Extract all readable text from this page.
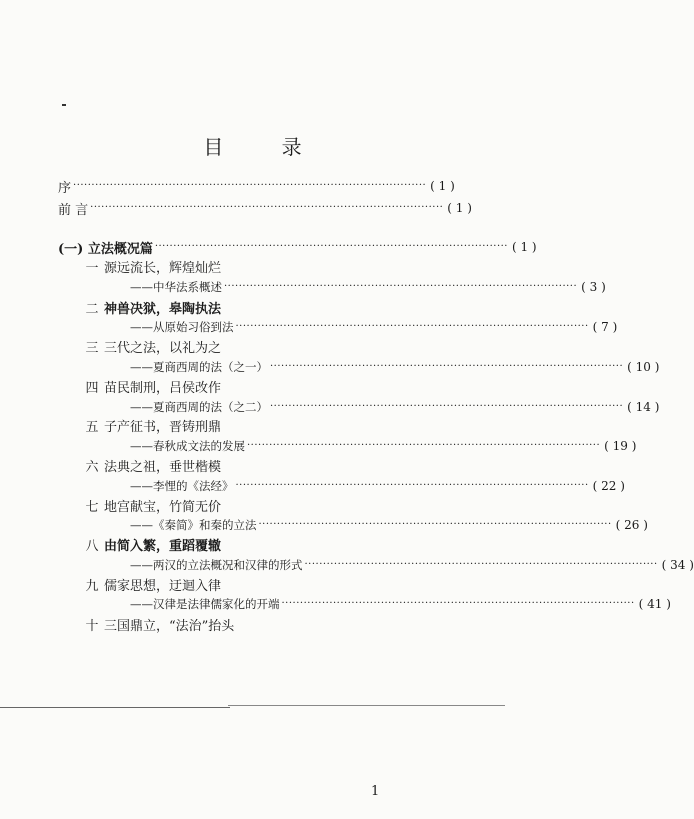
目 录
序 ································································································ ( 1 )
前 言 ································································································ ( 1 )
(一) 立法概况篇 ································································································ ( 1 )
一 源远流长，辉煌灿烂
——中华法系概述 ································································································ ( 3 )
二 神兽决狱，皋陶执法
——从原始习俗到法 ································································································ ( 7 )
三 三代之法，以礼为之
——夏商西周的法（之一） ································································································ ( 10 )
四 苗民制刑，吕侯改作
——夏商西周的法（之二） ································································································ ( 14 )
五 子产征书，晋铸刑鼎
——春秋成文法的发展 ································································································ ( 19 )
六 法典之祖，垂世楷模
——李悝的《法经》 ································································································ ( 22 )
七 地宫献宝，竹简无价
——《秦简》和秦的立法 ································································································ ( 26 )
八 由简入繁，重蹈覆辙
——两汉的立法概况和汉律的形式 ································································································ ( 34 )
九 儒家思想，迂迴入律
——汉律是法律儒家化的开端 ································································································ ( 41 )
十 三国鼎立，“法治”抬头
1
